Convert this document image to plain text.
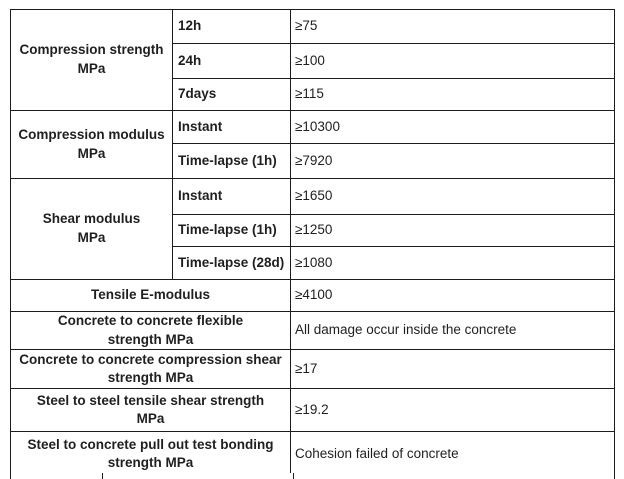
Compression strength
MPa	12h	≥75
	24h	≥100
	7days	≥115

Compression modulus
MPa	Instant	≥10300
	Time-lapse (1h)	≥7920

Shear modulus
MPa	Instant	≥1650
	Time-lapse (1h)	≥1250
	Time-lapse (28d)	≥1080

Tensile E-modulus		≥4100

Concrete to concrete flexible
strength MPa		All damage occur inside the concrete

Concrete to concrete compression shear
strength MPa		≥17

Steel to steel tensile shear strength
MPa		≥19.2

Steel to concrete pull out test bonding
strength MPa		Cohesion failed of concrete
